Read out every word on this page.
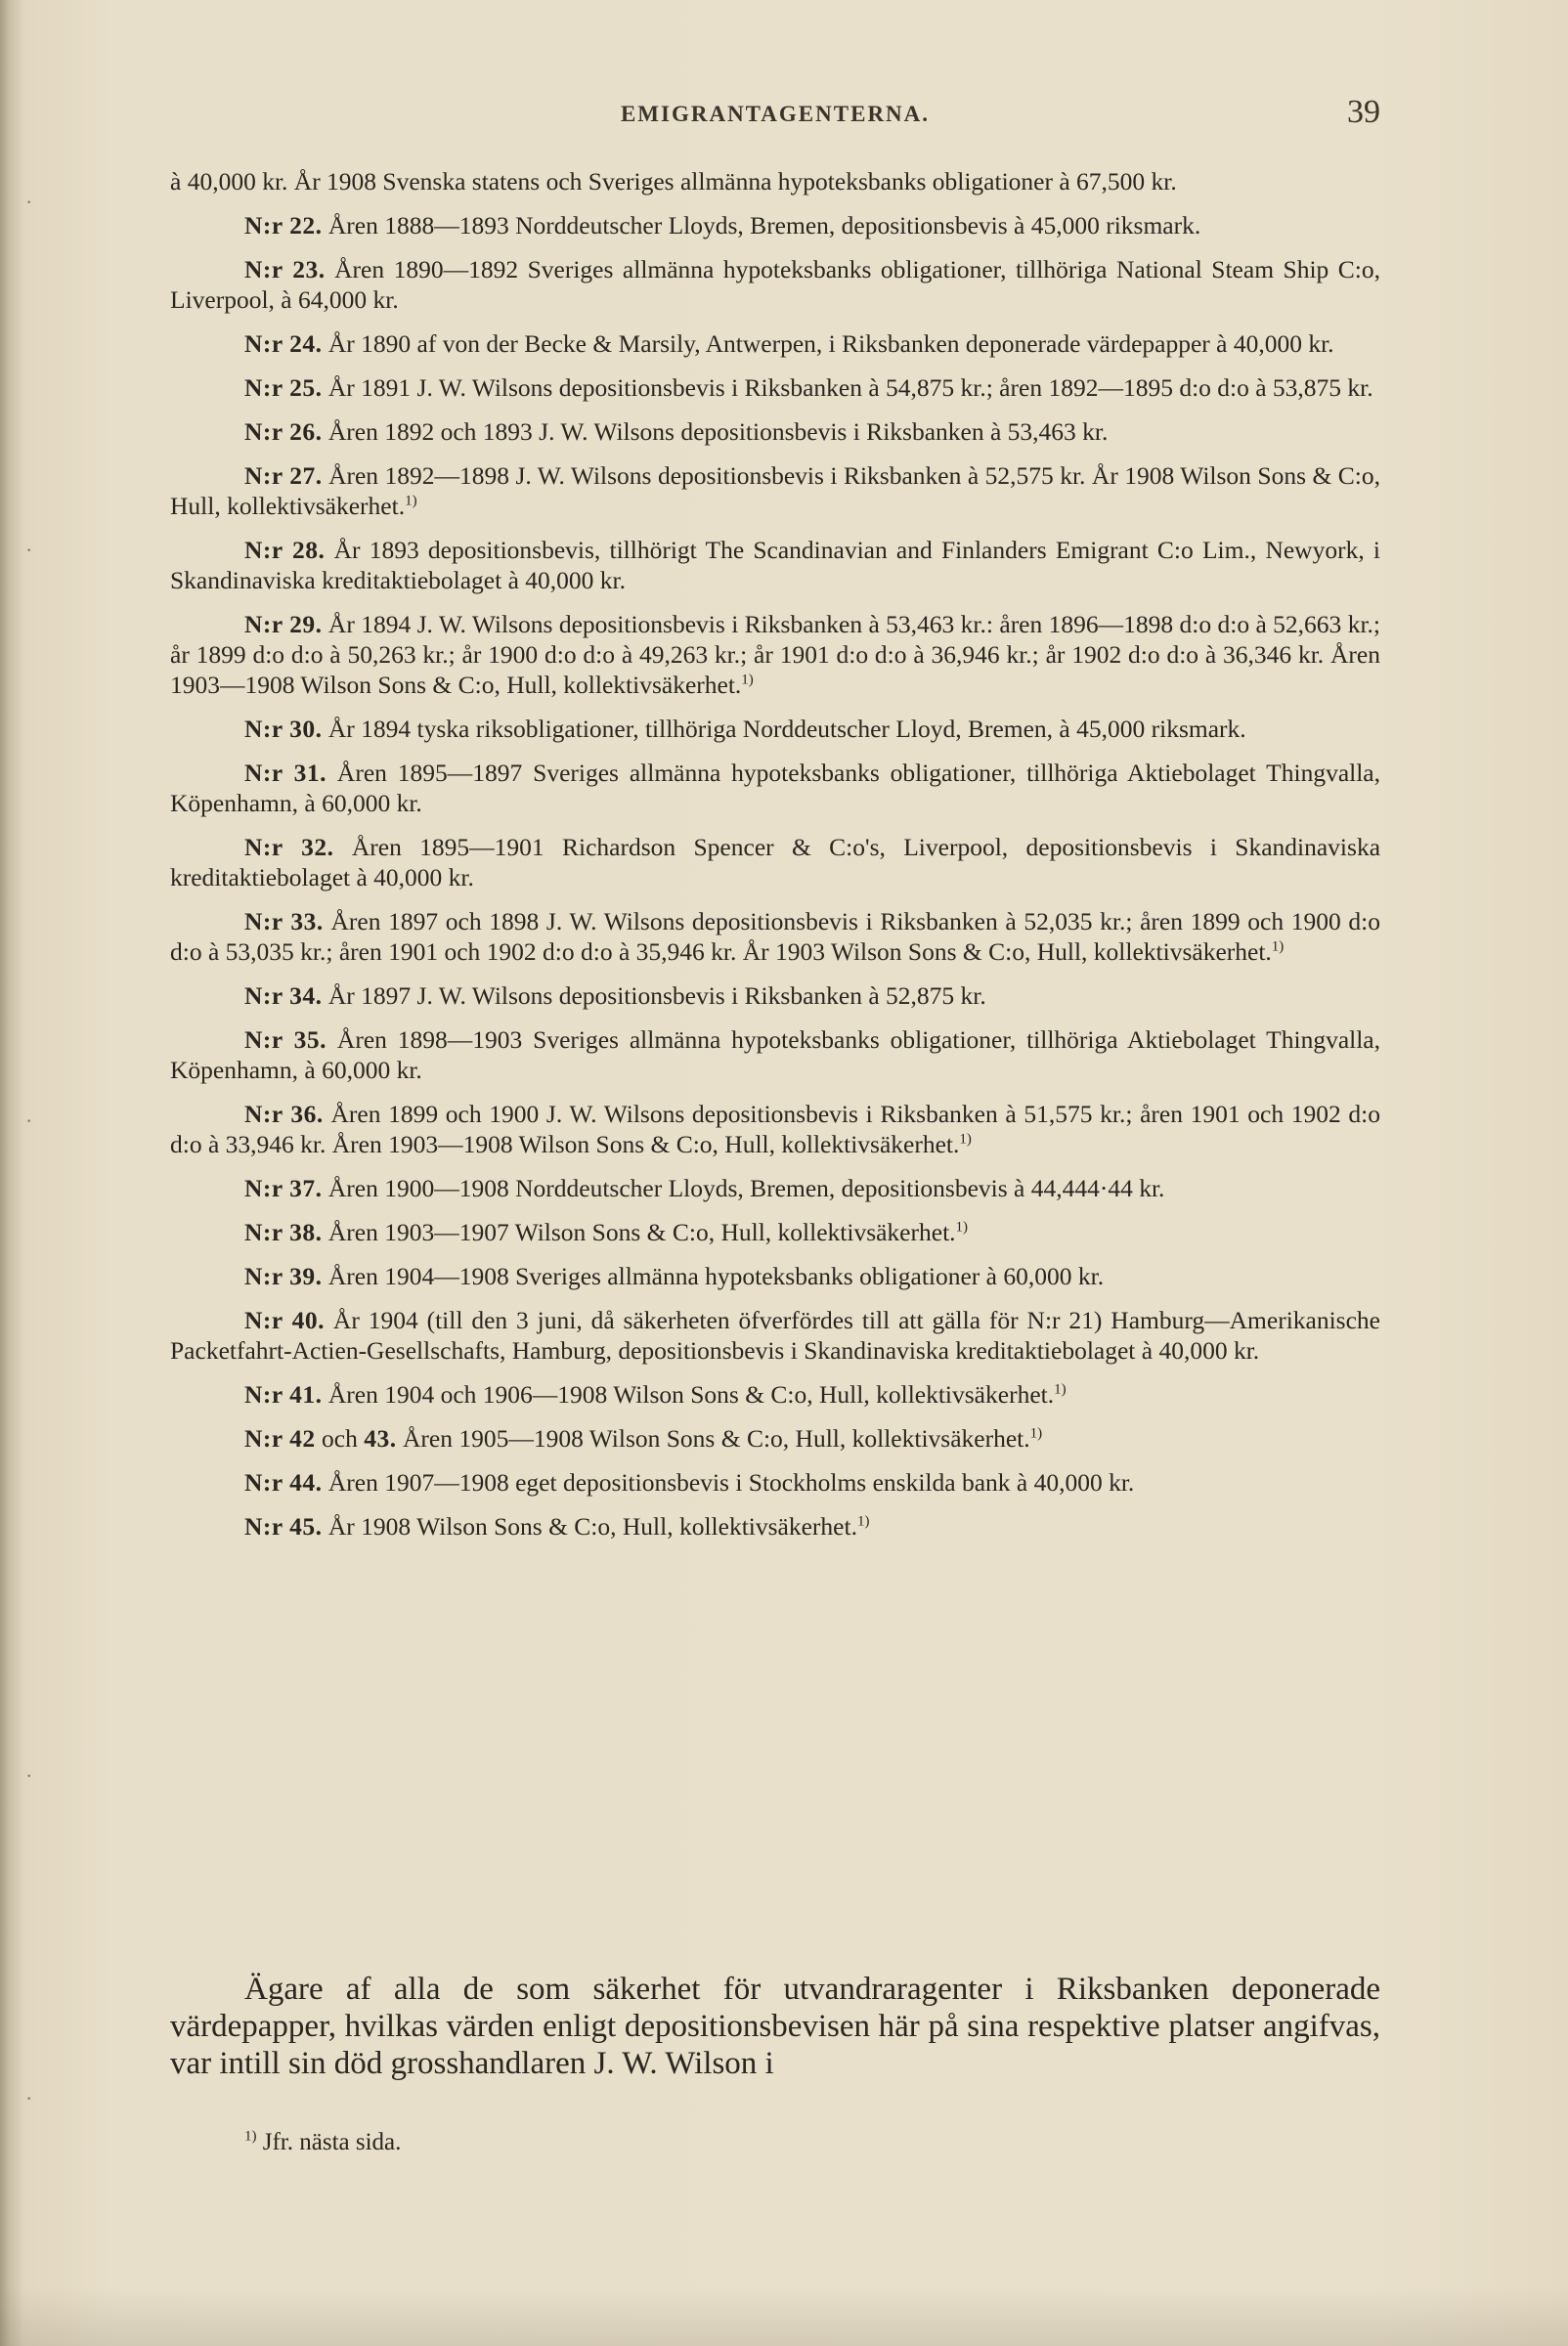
·
·
·
·
·
EMIGRANTAGENTERNA.	39

à 40,000 kr. År 1908 Svenska statens och Sveriges allmänna hypoteksbanks obligationer à 67,500 kr.

N:r 22. Åren 1888—1893 Norddeutscher Lloyds, Bremen, depositionsbevis à 45,000 riksmark.

N:r 23. Åren 1890—1892 Sveriges allmänna hypoteksbanks obligationer, tillhöriga National Steam Ship C:o, Liverpool, à 64,000 kr.

N:r 24. År 1890 af von der Becke & Marsily, Antwerpen, i Riksbanken deponerade värdepapper à 40,000 kr.

N:r 25. År 1891 J. W. Wilsons depositionsbevis i Riksbanken à 54,875 kr.; åren 1892—1895 d:o d:o à 53,875 kr.

N:r 26. Åren 1892 och 1893 J. W. Wilsons depositionsbevis i Riksbanken à 53,463 kr.

N:r 27. Åren 1892—1898 J. W. Wilsons depositionsbevis i Riksbanken à 52,575 kr. År 1908 Wilson Sons & C:o, Hull, kollektivsäkerhet.$^{1)}$

N:r 28. År 1893 depositionsbevis, tillhörigt The Scandinavian and Finlanders Emigrant C:o Lim., Newyork, i Skandinaviska kreditaktiebolaget à 40,000 kr.

N:r 29. År 1894 J. W. Wilsons depositionsbevis i Riksbanken à 53,463 kr.: åren 1896—1898 d:o d:o à 52,663 kr.; år 1899 d:o d:o à 50,263 kr.; år 1900 d:o d:o à 49,263 kr.; år 1901 d:o d:o à 36,946 kr.; år 1902 d:o d:o à 36,346 kr. Åren 1903—1908 Wilson Sons & C:o, Hull, kollektivsäkerhet.$^{1)}$

N:r 30. År 1894 tyska riksobligationer, tillhöriga Norddeutscher Lloyd, Bremen, à 45,000 riksmark.

N:r 31. Åren 1895—1897 Sveriges allmänna hypoteksbanks obligationer, tillhöriga Aktiebolaget Thingvalla, Köpenhamn, à 60,000 kr.

N:r 32. Åren 1895—1901 Richardson Spencer & C:o's, Liverpool, depositionsbevis i Skandinaviska kreditaktiebolaget à 40,000 kr.

N:r 33. Åren 1897 och 1898 J. W. Wilsons depositionsbevis i Riksbanken à 52,035 kr.; åren 1899 och 1900 d:o d:o à 53,035 kr.; åren 1901 och 1902 d:o d:o à 35,946 kr. År 1903 Wilson Sons & C:o, Hull, kollektivsäkerhet.$^{1)}$

N:r 34. År 1897 J. W. Wilsons depositionsbevis i Riksbanken à 52,875 kr.

N:r 35. Åren 1898—1903 Sveriges allmänna hypoteksbanks obligationer, tillhöriga Aktiebolaget Thingvalla, Köpenhamn, à 60,000 kr.

N:r 36. Åren 1899 och 1900 J. W. Wilsons depositionsbevis i Riksbanken à 51,575 kr.; åren 1901 och 1902 d:o d:o à 33,946 kr. Åren 1903—1908 Wilson Sons & C:o, Hull, kollektivsäkerhet.$^{1)}$

N:r 37. Åren 1900—1908 Norddeutscher Lloyds, Bremen, depositionsbevis à 44,444·44 kr.

N:r 38. Åren 1903—1907 Wilson Sons & C:o, Hull, kollektivsäkerhet.$^{1)}$

N:r 39. Åren 1904—1908 Sveriges allmänna hypoteksbanks obligationer à 60,000 kr.

N:r 40. År 1904 (till den 3 juni, då säkerheten öfverfördes till att gälla för N:r 21) Hamburg—Amerikanische Packetfahrt-Actien-Gesellschafts, Hamburg, depositionsbevis i Skandinaviska kreditaktiebolaget à 40,000 kr.

N:r 41. Åren 1904 och 1906—1908 Wilson Sons & C:o, Hull, kollektivsäkerhet.$^{1)}$

N:r 42 och 43. Åren 1905—1908 Wilson Sons & C:o, Hull, kollektivsäkerhet.$^{1)}$

N:r 44. Åren 1907—1908 eget depositionsbevis i Stockholms enskilda bank à 40,000 kr.

N:r 45. År 1908 Wilson Sons & C:o, Hull, kollektivsäkerhet.$^{1)}$

Ägare af alla de som säkerhet för utvandraragenter i Riksbanken deponerade värdepapper, hvilkas värden enligt depositionsbevisen här på sina respektive platser angifvas, var intill sin död grosshandlaren J. W. Wilson i

$^{1)}$ Jfr. nästa sida.
